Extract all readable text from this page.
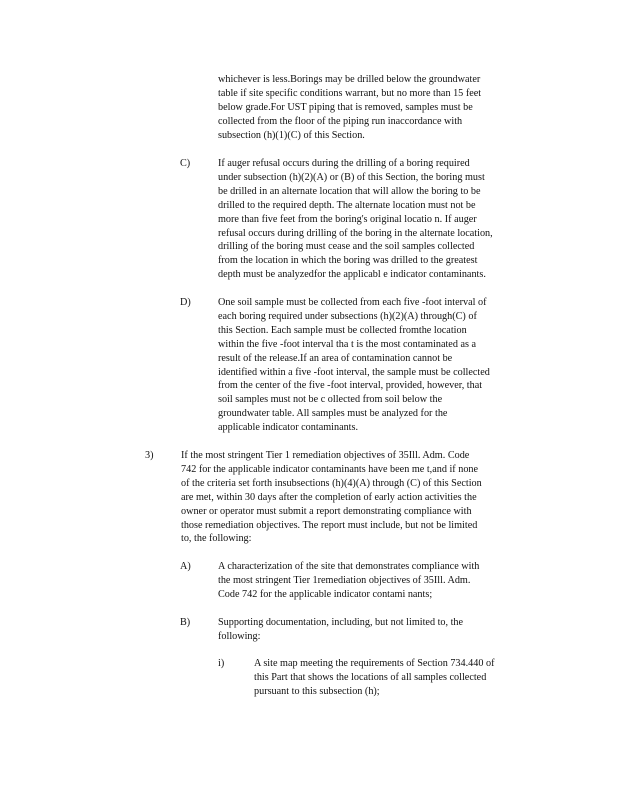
whichever is less.Borings may be drilled below the groundwater

table if site specific conditions warrant, but no more than 15 feet

below grade.For UST piping that is removed, samples must be

collected from the floor of the piping run inaccordance with

subsection (h)(1)(C) of this Section.

C)	If auger refusal occurs during the drilling of a boring required

under subsection (h)(2)(A) or (B) of this Section, the boring must

be drilled in an alternate location that will allow the boring to be

drilled to the required depth. The alternate location must not be

more than five feet from the boring's original locatio n. If auger

refusal occurs during drilling of the boring in the alternate location,

drilling of the boring must cease and the soil samples collected

from the location in which the boring was drilled to the greatest

depth must be analyzedfor the applicabl e indicator contaminants.

D)	One soil sample must be collected from each five -foot interval of

each boring required under subsections (h)(2)(A) through(C) of

this Section. Each sample must be collected fromthe location

within the five -foot interval tha t is the most contaminated as a

result of the release.If an area of contamination cannot be

identified within a five -foot interval, the sample must be collected

from the center of the five -foot interval, provided, however, that

soil samples must not be c ollected from soil below the

groundwater table. All samples must be analyzed for the

applicable indicator contaminants.

3)	If the most stringent Tier 1 remediation objectives of 35Ill. Adm. Code

742 for the applicable indicator contaminants have been me t,and if none

of the criteria set forth insubsections (h)(4)(A) through (C) of this Section

are met, within 30 days after the completion of early action activities the

owner or operator must submit a report demonstrating compliance with

those remediation objectives. The report must include, but not be limited

to, the following:

A)	A characterization of the site that demonstrates compliance with

the most stringent Tier 1remediation objectives of 35Ill. Adm.

Code 742 for the applicable indicator contami nants;

B)	Supporting documentation, including, but not limited to, the

following:

i)	A site map meeting the requirements of Section 734.440 of

this Part that shows the locations of all samples collected

pursuant to this subsection (h);
